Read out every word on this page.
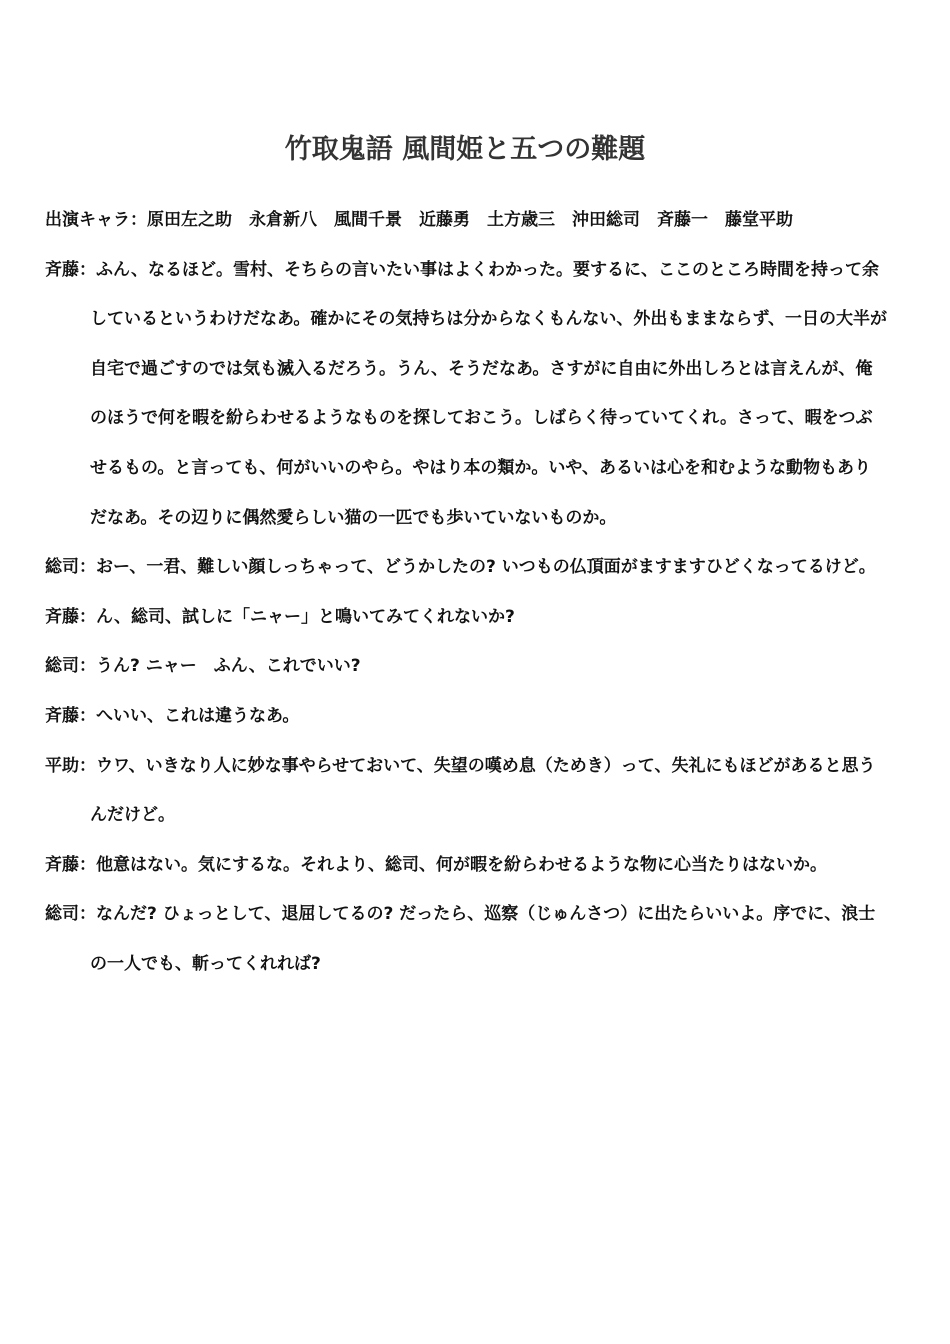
竹取鬼語 風間姫と五つの難題

出演キャラ：原田左之助　永倉新八　風間千景　近藤勇　土方歳三　沖田総司　斉藤一　藤堂平助

斉藤：ふん、なるほど。雪村、そちらの言いたい事はよくわかった。要するに、ここのところ時間を持って余しているというわけだなあ。確かにその気持ちは分からなくもんない、外出もままならず、一日の大半が自宅で過ごすのでは気も滅入るだろう。うん、そうだなあ。さすがに自由に外出しろとは言えんが、俺のほうで何を暇を紛らわせるようなものを探しておこう。しばらく待っていてくれ。さって、暇をつぶせるもの。と言っても、何がいいのやら。やはり本の類か。いや、あるいは心を和むような動物もありだなあ。その辺りに偶然愛らしい猫の一匹でも歩いていないものか。

総司：おー、一君、難しい顔しっちゃって、どうかしたの? いつもの仏頂面がますますひどくなってるけど。

斉藤：ん、総司、試しに「ニャー」と鳴いてみてくれないか?

総司：うん? ニャー　ふん、これでいい?

斉藤：へいい、これは違うなあ。

平助：ウワ、いきなり人に妙な事やらせておいて、失望の嘆め息（ためき）って、失礼にもほどがあると思うんだけど。

斉藤：他意はない。気にするな。それより、総司、何が暇を紛らわせるような物に心当たりはないか。

総司：なんだ? ひょっとして、退屈してるの? だったら、巡察（じゅんさつ）に出たらいいよ。序でに、浪士の一人でも、斬ってくれれば?
